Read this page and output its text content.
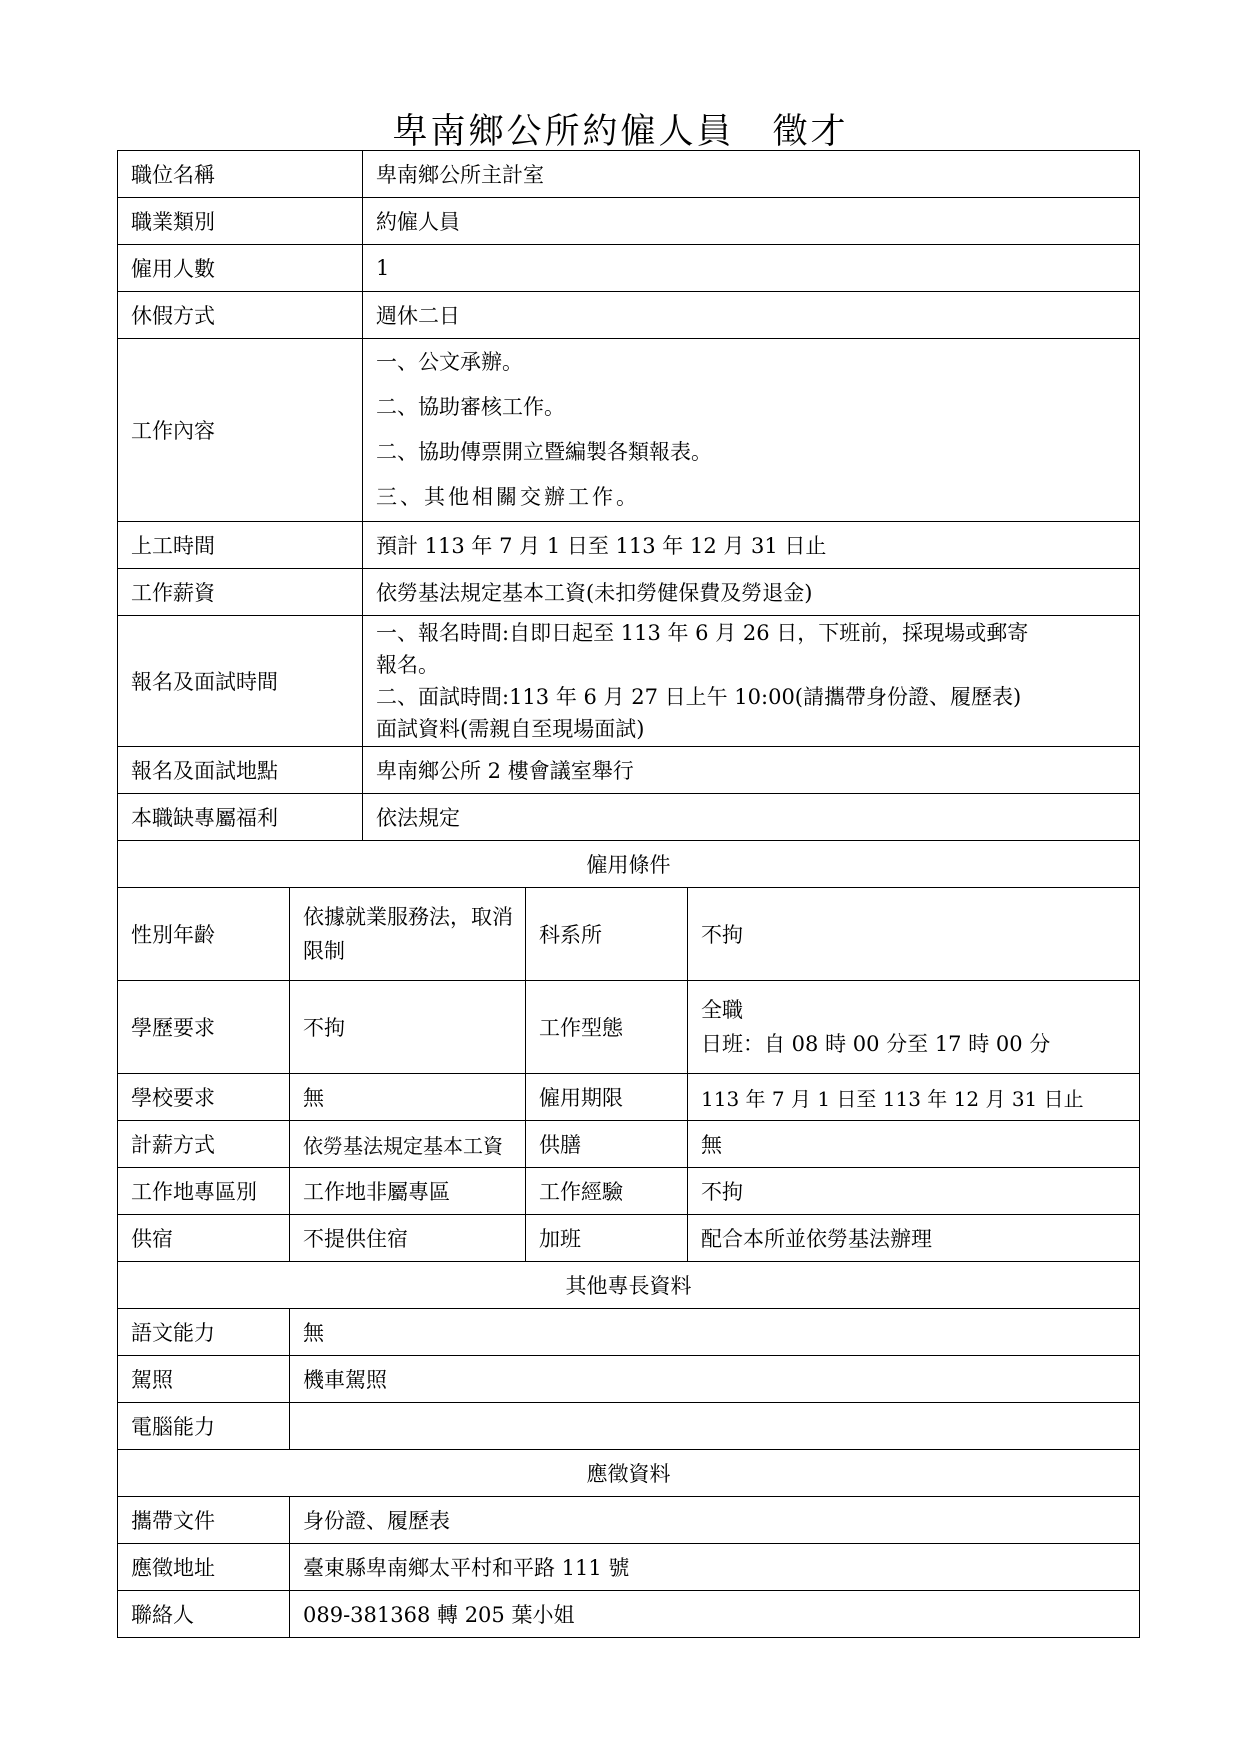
卑南鄉公所約僱人員　徵才
職位名稱		卑南鄉公所主計室		
職業類別		約僱人員		
僱用人數		1		
休假方式		週休二日		
工作內容		一、公文承辦。
二、協助審核工作。
二、協助傳票開立暨編製各類報表。
三、其他相關交辦工作。		

上工時間		預計 113 年 7 月 1 日至 113 年 12 月 31 日止		
工作薪資		依勞基法規定基本工資(未扣勞健保費及勞退金)		
報名及面試時間		一、報名時間:自即日起至 113 年 6 月 26 日，下班前，採現場或郵寄
報名。
二、面試時間:113 年 6 月 27 日上午 10:00(請攜帶身份證、履歷表)
面試資料(需親自至現場面試)		

報名及面試地點		卑南鄉公所 2 樓會議室舉行		
本職缺專屬福利		依法規定		
僱用條件				
性別年齡	依據就業服務法，取消
限制		科系所	不拘
學歷要求	不拘		工作型態	全職
日班：自 08 時 00 分至 17 時 00 分

學校要求	無		僱用期限	113 年 7 月 1 日至 113 年 12 月 31 日止
計薪方式	依勞基法規定基本工資		供膳	無
工作地專區別	工作地非屬專區		工作經驗	不拘
供宿	不提供住宿		加班	配合本所並依勞基法辦理
其他專長資料				
語文能力	無			
駕照	機車駕照			
電腦能力				
應徵資料				
攜帶文件	身份證、履歷表			
應徵地址	臺東縣卑南鄉太平村和平路 111 號			
聯絡人	089-381368 轉 205 葉小姐			
